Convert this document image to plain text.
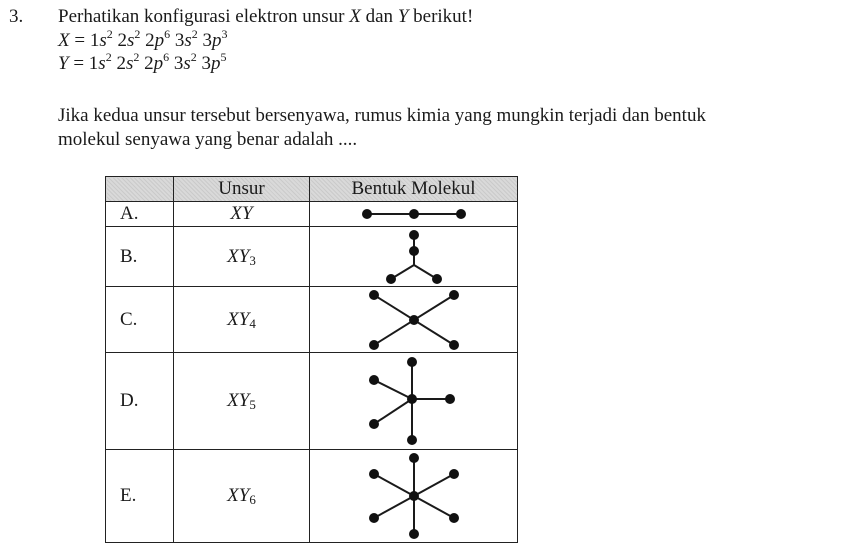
3. Perhatikan konfigurasi elektron unsur X dan Y berikut!
$X = 1s^2$ $2s^2$ $2p^6$ $3s^2$ $3p^3$
$Y = 1s^2$ $2s^2$ $2p^6$ $3s^2$ $3p^5$
Jika kedua unsur tersebut bersenyawa, rumus kimia yang mungkin terjadi dan bentuk
molekul senyawa yang benar adalah ....
	Unsur	Bentuk Molekul
A.	XY	

B.	$XY_3$	

C.	$XY_4$	

D.	$XY_5$	

E.	$XY_6$	
